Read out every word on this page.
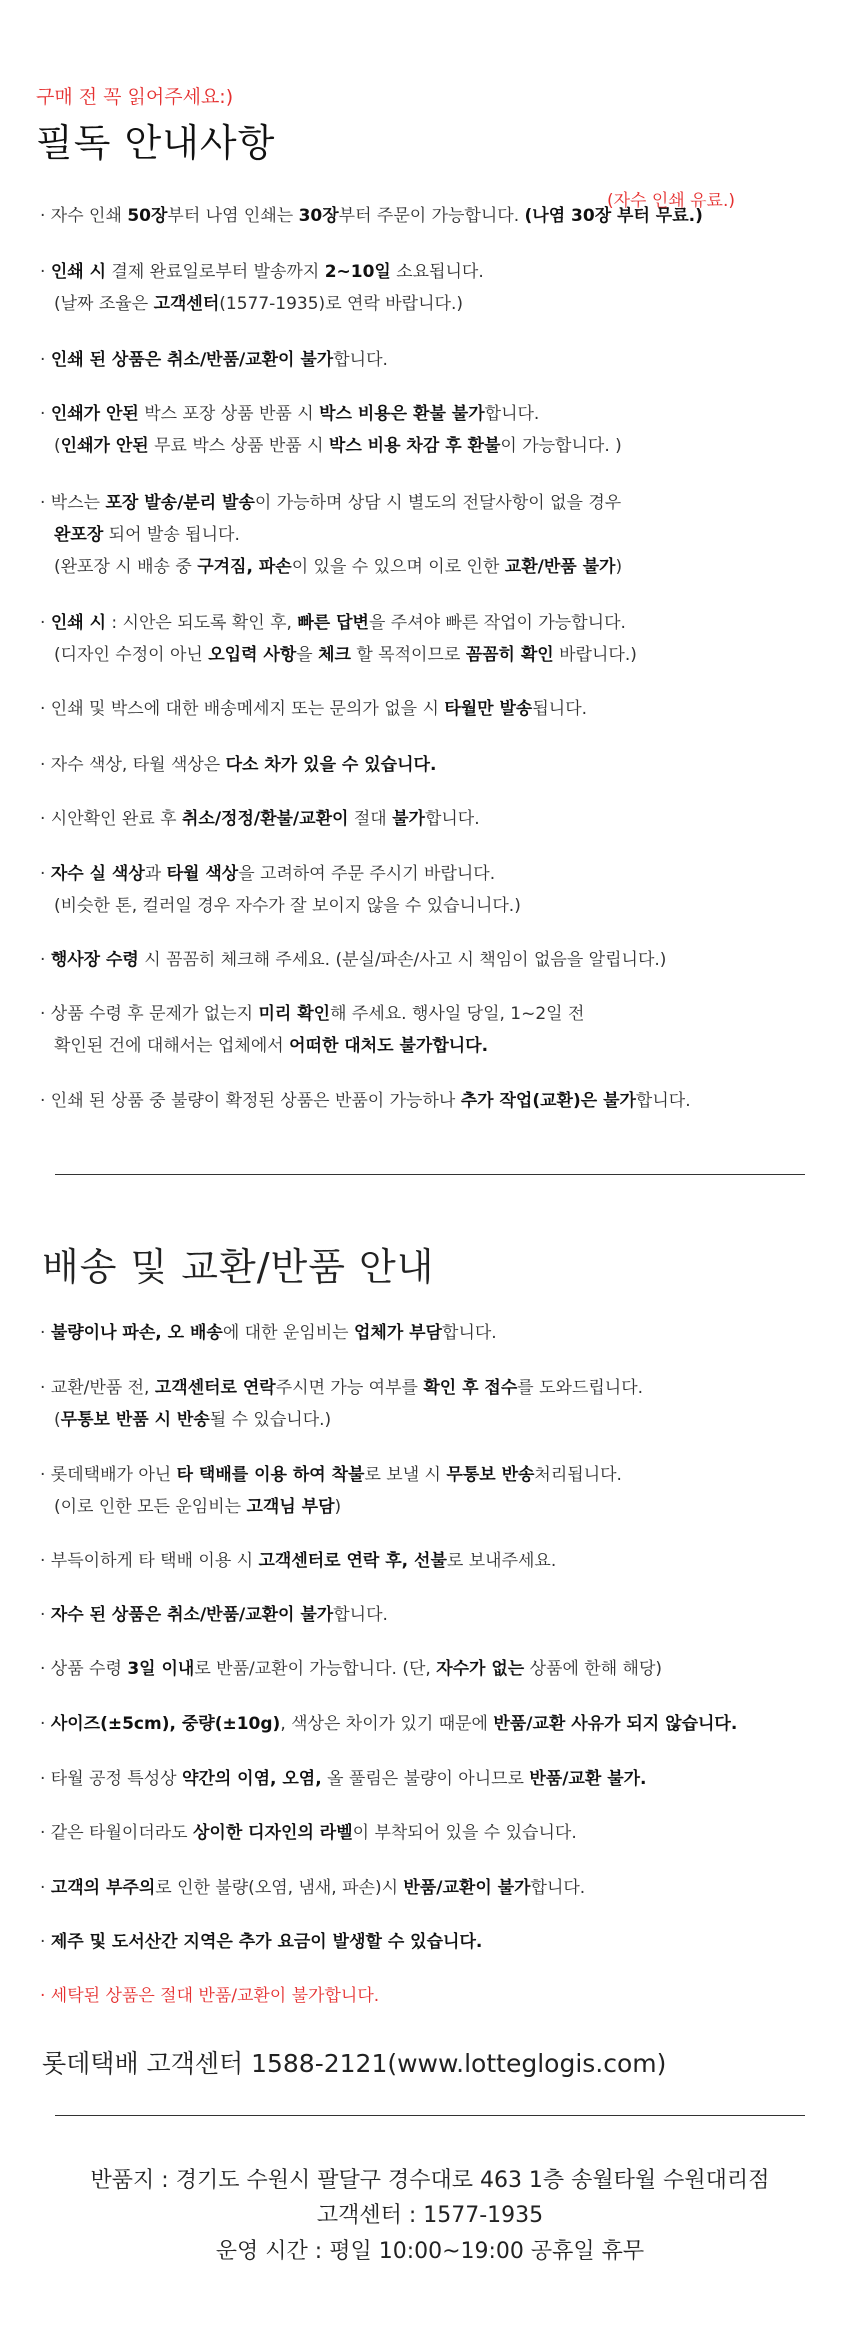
구매 전 꼭 읽어주세요:)
필독 안내사항
(자수 인쇄 유료.)
· 자수 인쇄 50장부터 나염 인쇄는 30장부터 주문이 가능합니다. (나염 30장 부터 무료.)
· 인쇄 시 결제 완료일로부터 발송까지 2~10일 소요됩니다.
(날짜 조율은 고객센터(1577-1935)로 연락 바랍니다.)
· 인쇄 된 상품은 취소/반품/교환이 불가합니다.
· 인쇄가 안된 박스 포장 상품 반품 시 박스 비용은 환불 불가합니다.
(인쇄가 안된 무료 박스 상품 반품 시 박스 비용 차감 후 환불이 가능합니다. )
· 박스는 포장 발송/분리 발송이 가능하며 상담 시 별도의 전달사항이 없을 경우
완포장 되어 발송 됩니다.
(완포장 시 배송 중 구겨짐, 파손이 있을 수 있으며 이로 인한 교환/반품 불가)
· 인쇄 시 : 시안은 되도록 확인 후, 빠른 답변을 주셔야 빠른 작업이 가능합니다.
(디자인 수정이 아닌 오입력 사항을 체크 할 목적이므로 꼼꼼히 확인 바랍니다.)
· 인쇄 및 박스에 대한 배송메세지 또는 문의가 없을 시 타월만 발송됩니다.
· 자수 색상, 타월 색상은 다소 차가 있을 수 있습니다.
· 시안확인 완료 후 취소/정정/환불/교환이 절대 불가합니다.
· 자수 실 색상과 타월 색상을 고려하여 주문 주시기 바랍니다.
(비슷한 톤, 컬러일 경우 자수가 잘 보이지 않을 수 있습니니다.)
· 행사장 수령 시 꼼꼼히 체크해 주세요. (분실/파손/사고 시 책임이 없음을 알립니다.)
· 상품 수령 후 문제가 없는지 미리 확인해 주세요. 행사일 당일, 1~2일 전
확인된 건에 대해서는 업체에서 어떠한 대처도 불가합니다.
· 인쇄 된 상품 중 불량이 확정된 상품은 반품이 가능하나 추가 작업(교환)은 불가합니다.
배송 및 교환/반품 안내
· 불량이나 파손, 오 배송에 대한 운임비는 업체가 부담합니다.
· 교환/반품 전, 고객센터로 연락주시면 가능 여부를 확인 후 접수를 도와드립니다.
(무통보 반품 시 반송될 수 있습니다.)
· 롯데택배가 아닌 타 택배를 이용 하여 착불로 보낼 시 무통보 반송처리됩니다.
(이로 인한 모든 운임비는 고객님 부담)
· 부득이하게 타 택배 이용 시 고객센터로 연락 후, 선불로 보내주세요.
· 자수 된 상품은 취소/반품/교환이 불가합니다.
· 상품 수령 3일 이내로 반품/교환이 가능합니다. (단, 자수가 없는 상품에 한해 해당)
· 사이즈(±5cm), 중량(±10g), 색상은 차이가 있기 때문에 반품/교환 사유가 되지 않습니다.
· 타월 공정 특성상 약간의 이염, 오염, 올 풀림은 불량이 아니므로 반품/교환 불가.
· 같은 타월이더라도 상이한 디자인의 라벨이 부착되어 있을 수 있습니다.
· 고객의 부주의로 인한 불량(오염, 냄새, 파손)시 반품/교환이 불가합니다.
· 제주 및 도서산간 지역은 추가 요금이 발생할 수 있습니다.
· 세탁된 상품은 절대 반품/교환이 불가합니다.
롯데택배 고객센터 1588-2121(www.lotteglogis.com)
반품지 : 경기도 수원시 팔달구 경수대로 463 1층 송월타월 수원대리점
고객센터 : 1577-1935
운영 시간 : 평일 10:00~19:00 공휴일 휴무
